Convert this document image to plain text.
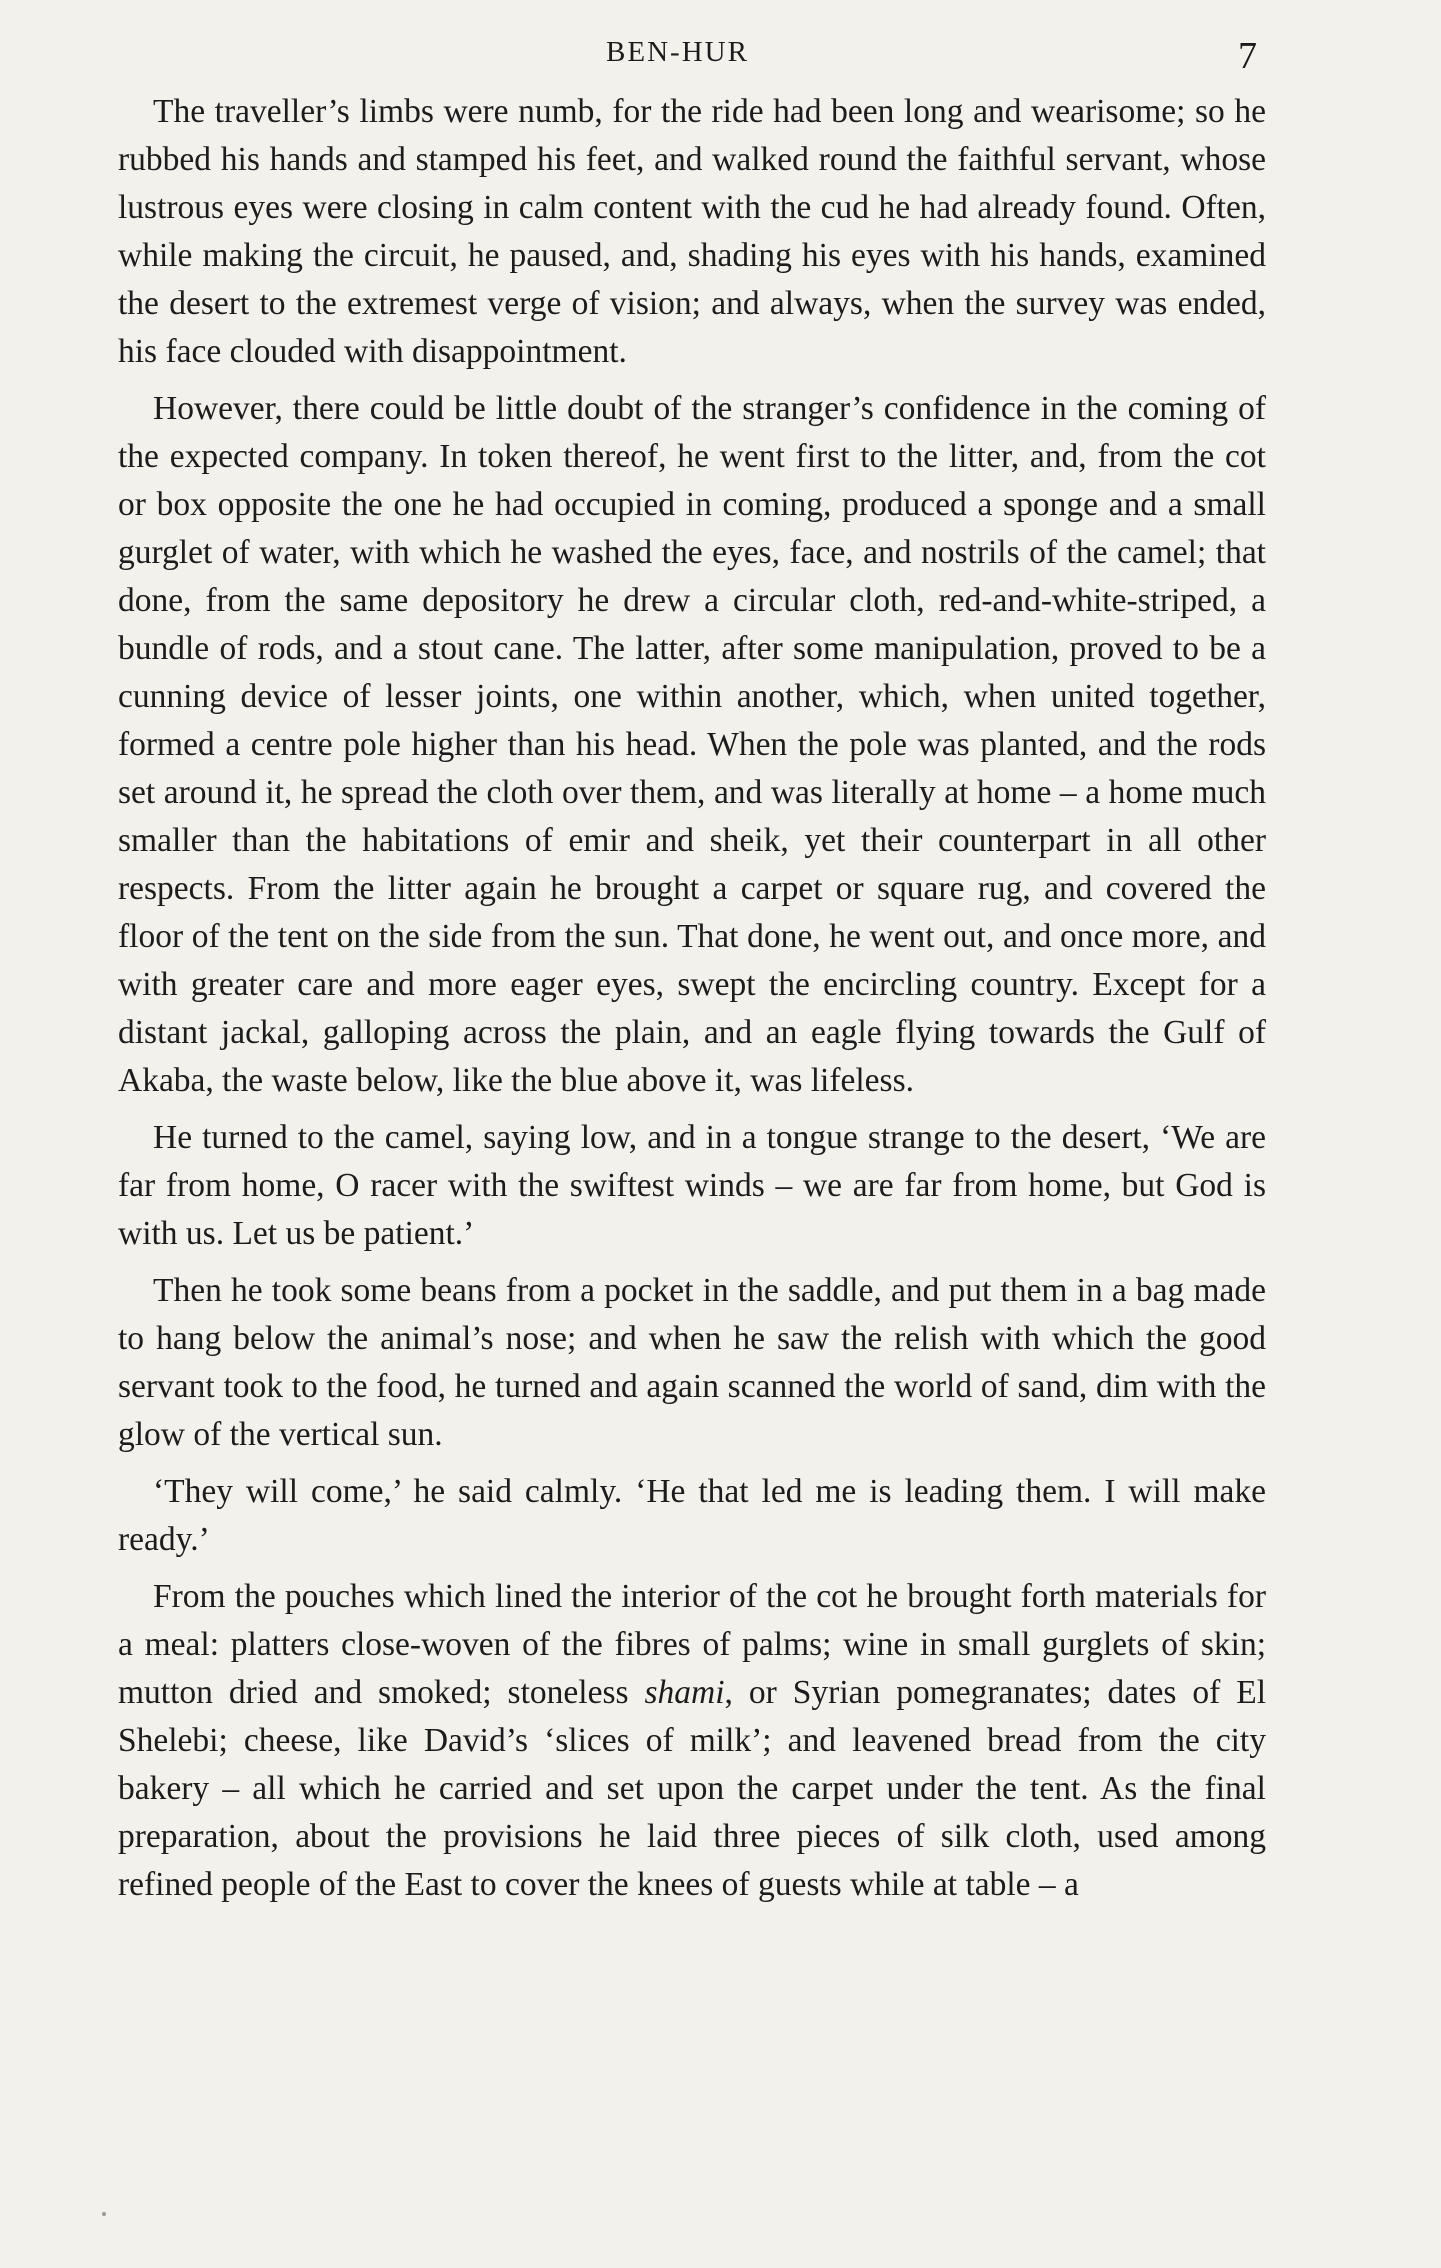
BEN-HUR	7

The traveller’s limbs were numb, for the ride had been long and wearisome; so he rubbed his hands and stamped his feet, and walked round the faithful servant, whose lustrous eyes were closing in calm content with the cud he had already found. Often, while making the circuit, he paused, and, shading his eyes with his hands, examined the desert to the extremest verge of vision; and always, when the survey was ended, his face clouded with disappointment.

However, there could be little doubt of the stranger’s confidence in the coming of the expected company. In token thereof, he went first to the litter, and, from the cot or box opposite the one he had occupied in coming, produced a sponge and a small gurglet of water, with which he washed the eyes, face, and nostrils of the camel; that done, from the same depository he drew a circular cloth, red-and-white-striped, a bundle of rods, and a stout cane. The latter, after some manipulation, proved to be a cunning device of lesser joints, one within another, which, when united together, formed a centre pole higher than his head. When the pole was planted, and the rods set around it, he spread the cloth over them, and was literally at home – a home much smaller than the habitations of emir and sheik, yet their counterpart in all other respects. From the litter again he brought a carpet or square rug, and covered the floor of the tent on the side from the sun. That done, he went out, and once more, and with greater care and more eager eyes, swept the encircling country. Except for a distant jackal, galloping across the plain, and an eagle flying towards the Gulf of Akaba, the waste below, like the blue above it, was lifeless.

He turned to the camel, saying low, and in a tongue strange to the desert, ‘We are far from home, O racer with the swiftest winds – we are far from home, but God is with us. Let us be patient.’

Then he took some beans from a pocket in the saddle, and put them in a bag made to hang below the animal’s nose; and when he saw the relish with which the good servant took to the food, he turned and again scanned the world of sand, dim with the glow of the vertical sun.

‘They will come,’ he said calmly. ‘He that led me is leading them. I will make ready.’

From the pouches which lined the interior of the cot he brought forth materials for a meal: platters close-woven of the fibres of palms; wine in small gurglets of skin; mutton dried and smoked; stoneless shami, or Syrian pomegranates; dates of El Shelebi; cheese, like David’s ‘slices of milk’; and leavened bread from the city bakery – all which he carried and set upon the carpet under the tent. As the final preparation, about the provisions he laid three pieces of silk cloth, used among refined people of the East to cover the knees of guests while at table – a
